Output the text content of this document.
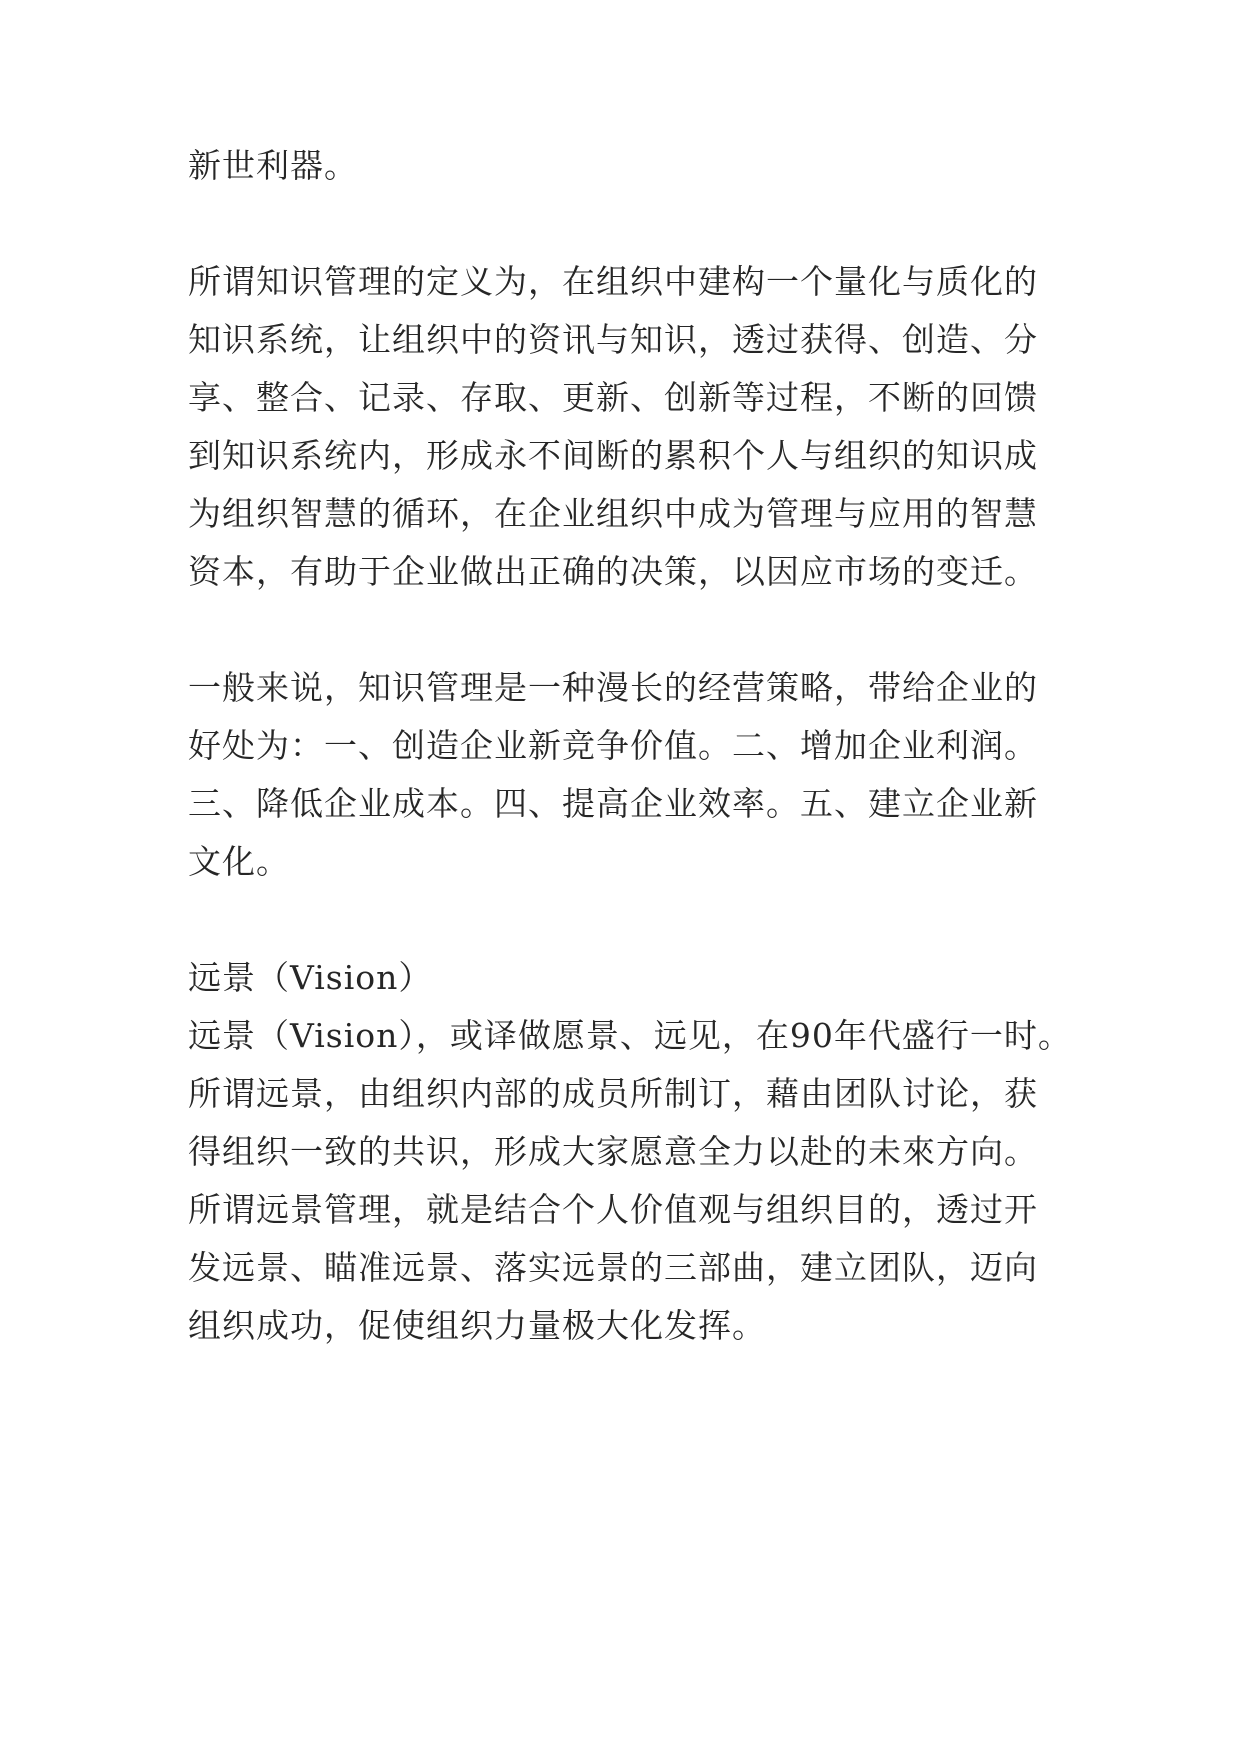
新世利器。
所谓知识管理的定义为，在组织中建构一个量化与质化的
知识系统，让组织中的资讯与知识，透过获得、创造、分
享、整合、记录、存取、更新、创新等过程，不断的回馈
到知识系统内，形成永不间断的累积个人与组织的知识成
为组织智慧的循环，在企业组织中成为管理与应用的智慧
资本，有助于企业做出正确的决策，以因应市场的变迁。
一般来说，知识管理是一种漫长的经营策略，带给企业的
好处为：一、创造企业新竞争价值。二、增加企业利润。
三、降低企业成本。四、提高企业效率。五、建立企业新
文化。
远景（Vision）
远景（Vision），或译做愿景、远见，在90年代盛行一时。
所谓远景，由组织内部的成员所制订，藉由团队讨论，获
得组织一致的共识，形成大家愿意全力以赴的未來方向。
所谓远景管理，就是结合个人价值观与组织目的，透过开
发远景、瞄准远景、落实远景的三部曲，建立团队，迈向
组织成功，促使组织力量极大化发挥。
